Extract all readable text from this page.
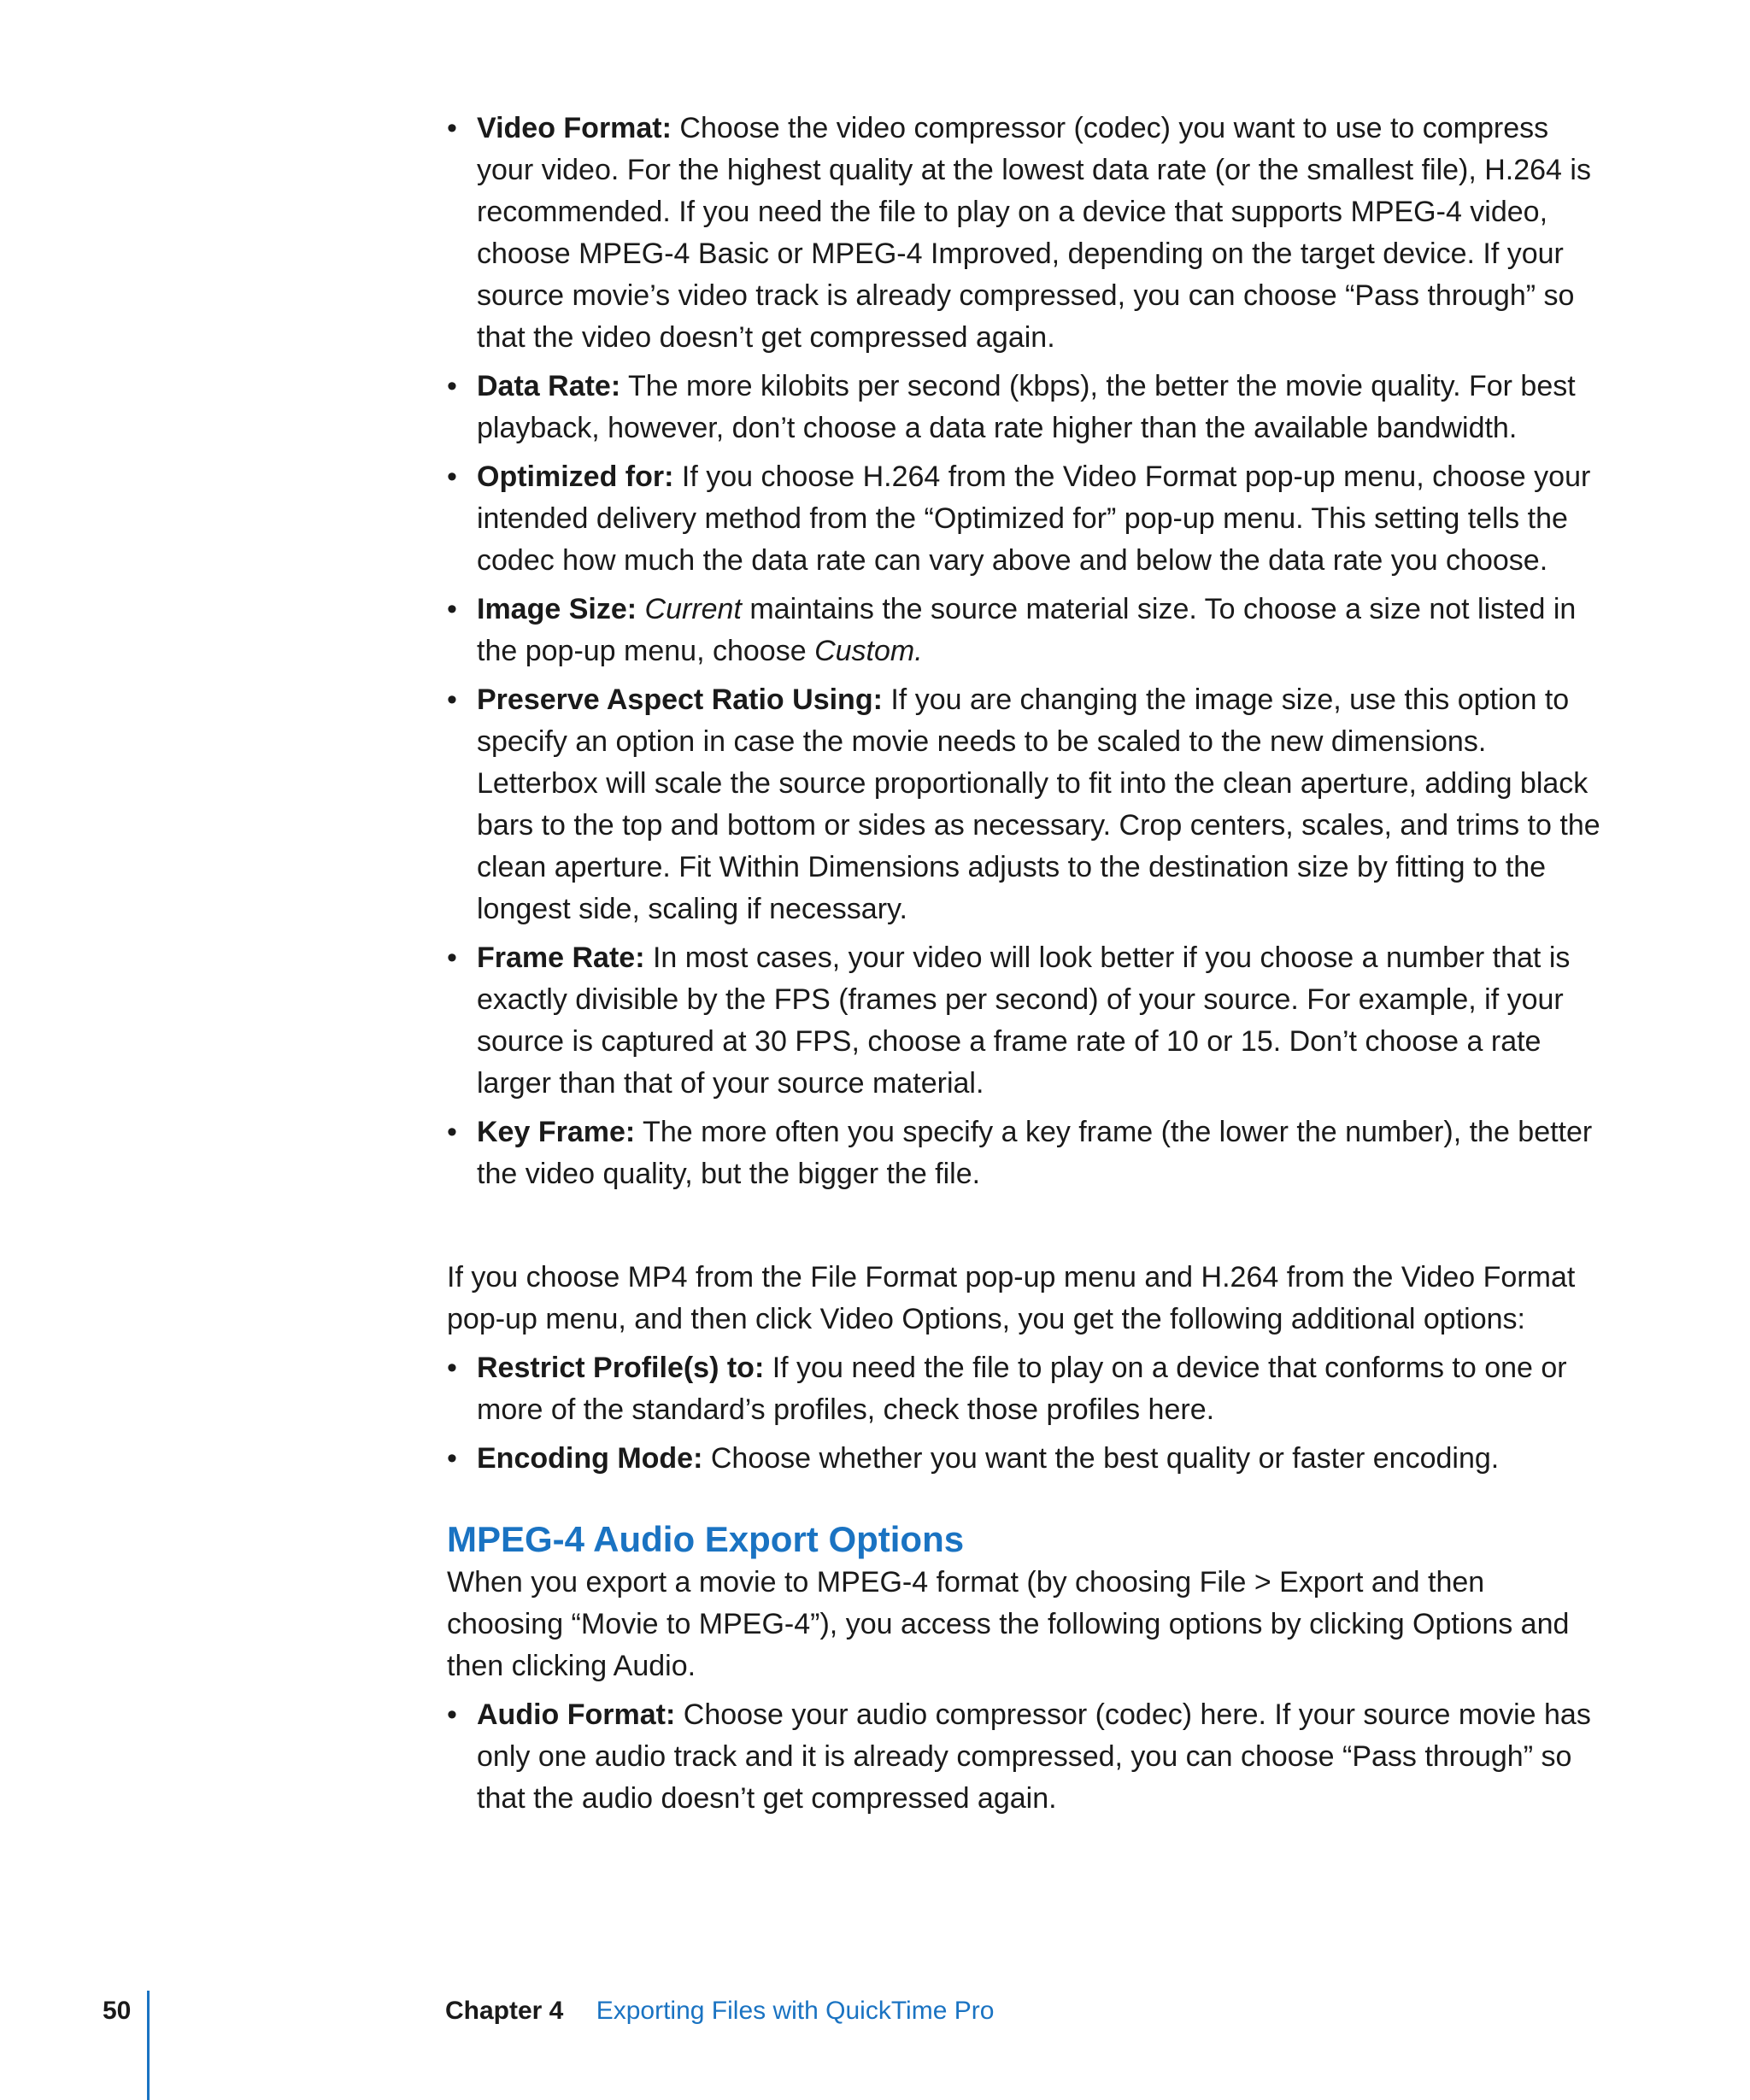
• Video Format: Choose the video compressor (codec) you want to use to compress your video. For the highest quality at the lowest data rate (or the smallest file), H.264 is recommended. If you need the file to play on a device that supports MPEG-4 video, choose MPEG-4 Basic or MPEG-4 Improved, depending on the target device. If your source movie’s video track is already compressed, you can choose “Pass through” so that the video doesn’t get compressed again.
• Data Rate: The more kilobits per second (kbps), the better the movie quality. For best playback, however, don’t choose a data rate higher than the available bandwidth.
• Optimized for: If you choose H.264 from the Video Format pop-up menu, choose your intended delivery method from the “Optimized for” pop-up menu. This setting tells the codec how much the data rate can vary above and below the data rate you choose.
• Image Size: Current maintains the source material size. To choose a size not listed in the pop-up menu, choose Custom.
• Preserve Aspect Ratio Using: If you are changing the image size, use this option to specify an option in case the movie needs to be scaled to the new dimensions. Letterbox will scale the source proportionally to fit into the clean aperture, adding black bars to the top and bottom or sides as necessary. Crop centers, scales, and trims to the clean aperture. Fit Within Dimensions adjusts to the destination size by fitting to the longest side, scaling if necessary.
• Frame Rate: In most cases, your video will look better if you choose a number that is exactly divisible by the FPS (frames per second) of your source. For example, if your source is captured at 30 FPS, choose a frame rate of 10 or 15. Don’t choose a rate larger than that of your source material.
• Key Frame: The more often you specify a key frame (the lower the number), the better the video quality, but the bigger the file.

If you choose MP4 from the File Format pop-up menu and H.264 from the Video Format pop-up menu, and then click Video Options, you get the following additional options:

• Restrict Profile(s) to: If you need the file to play on a device that conforms to one or more of the standard’s profiles, check those profiles here.
• Encoding Mode: Choose whether you want the best quality or faster encoding.
MPEG-4 Audio Export Options

When you export a movie to MPEG-4 format (by choosing File > Export and then choosing “Movie to MPEG-4”), you access the following options by clicking Options and then clicking Audio.

• Audio Format: Choose your audio compressor (codec) here. If your source movie has only one audio track and it is already compressed, you can choose “Pass through” so that the audio doesn’t get compressed again.
50	Chapter 4 Exporting Files with QuickTime Pro
